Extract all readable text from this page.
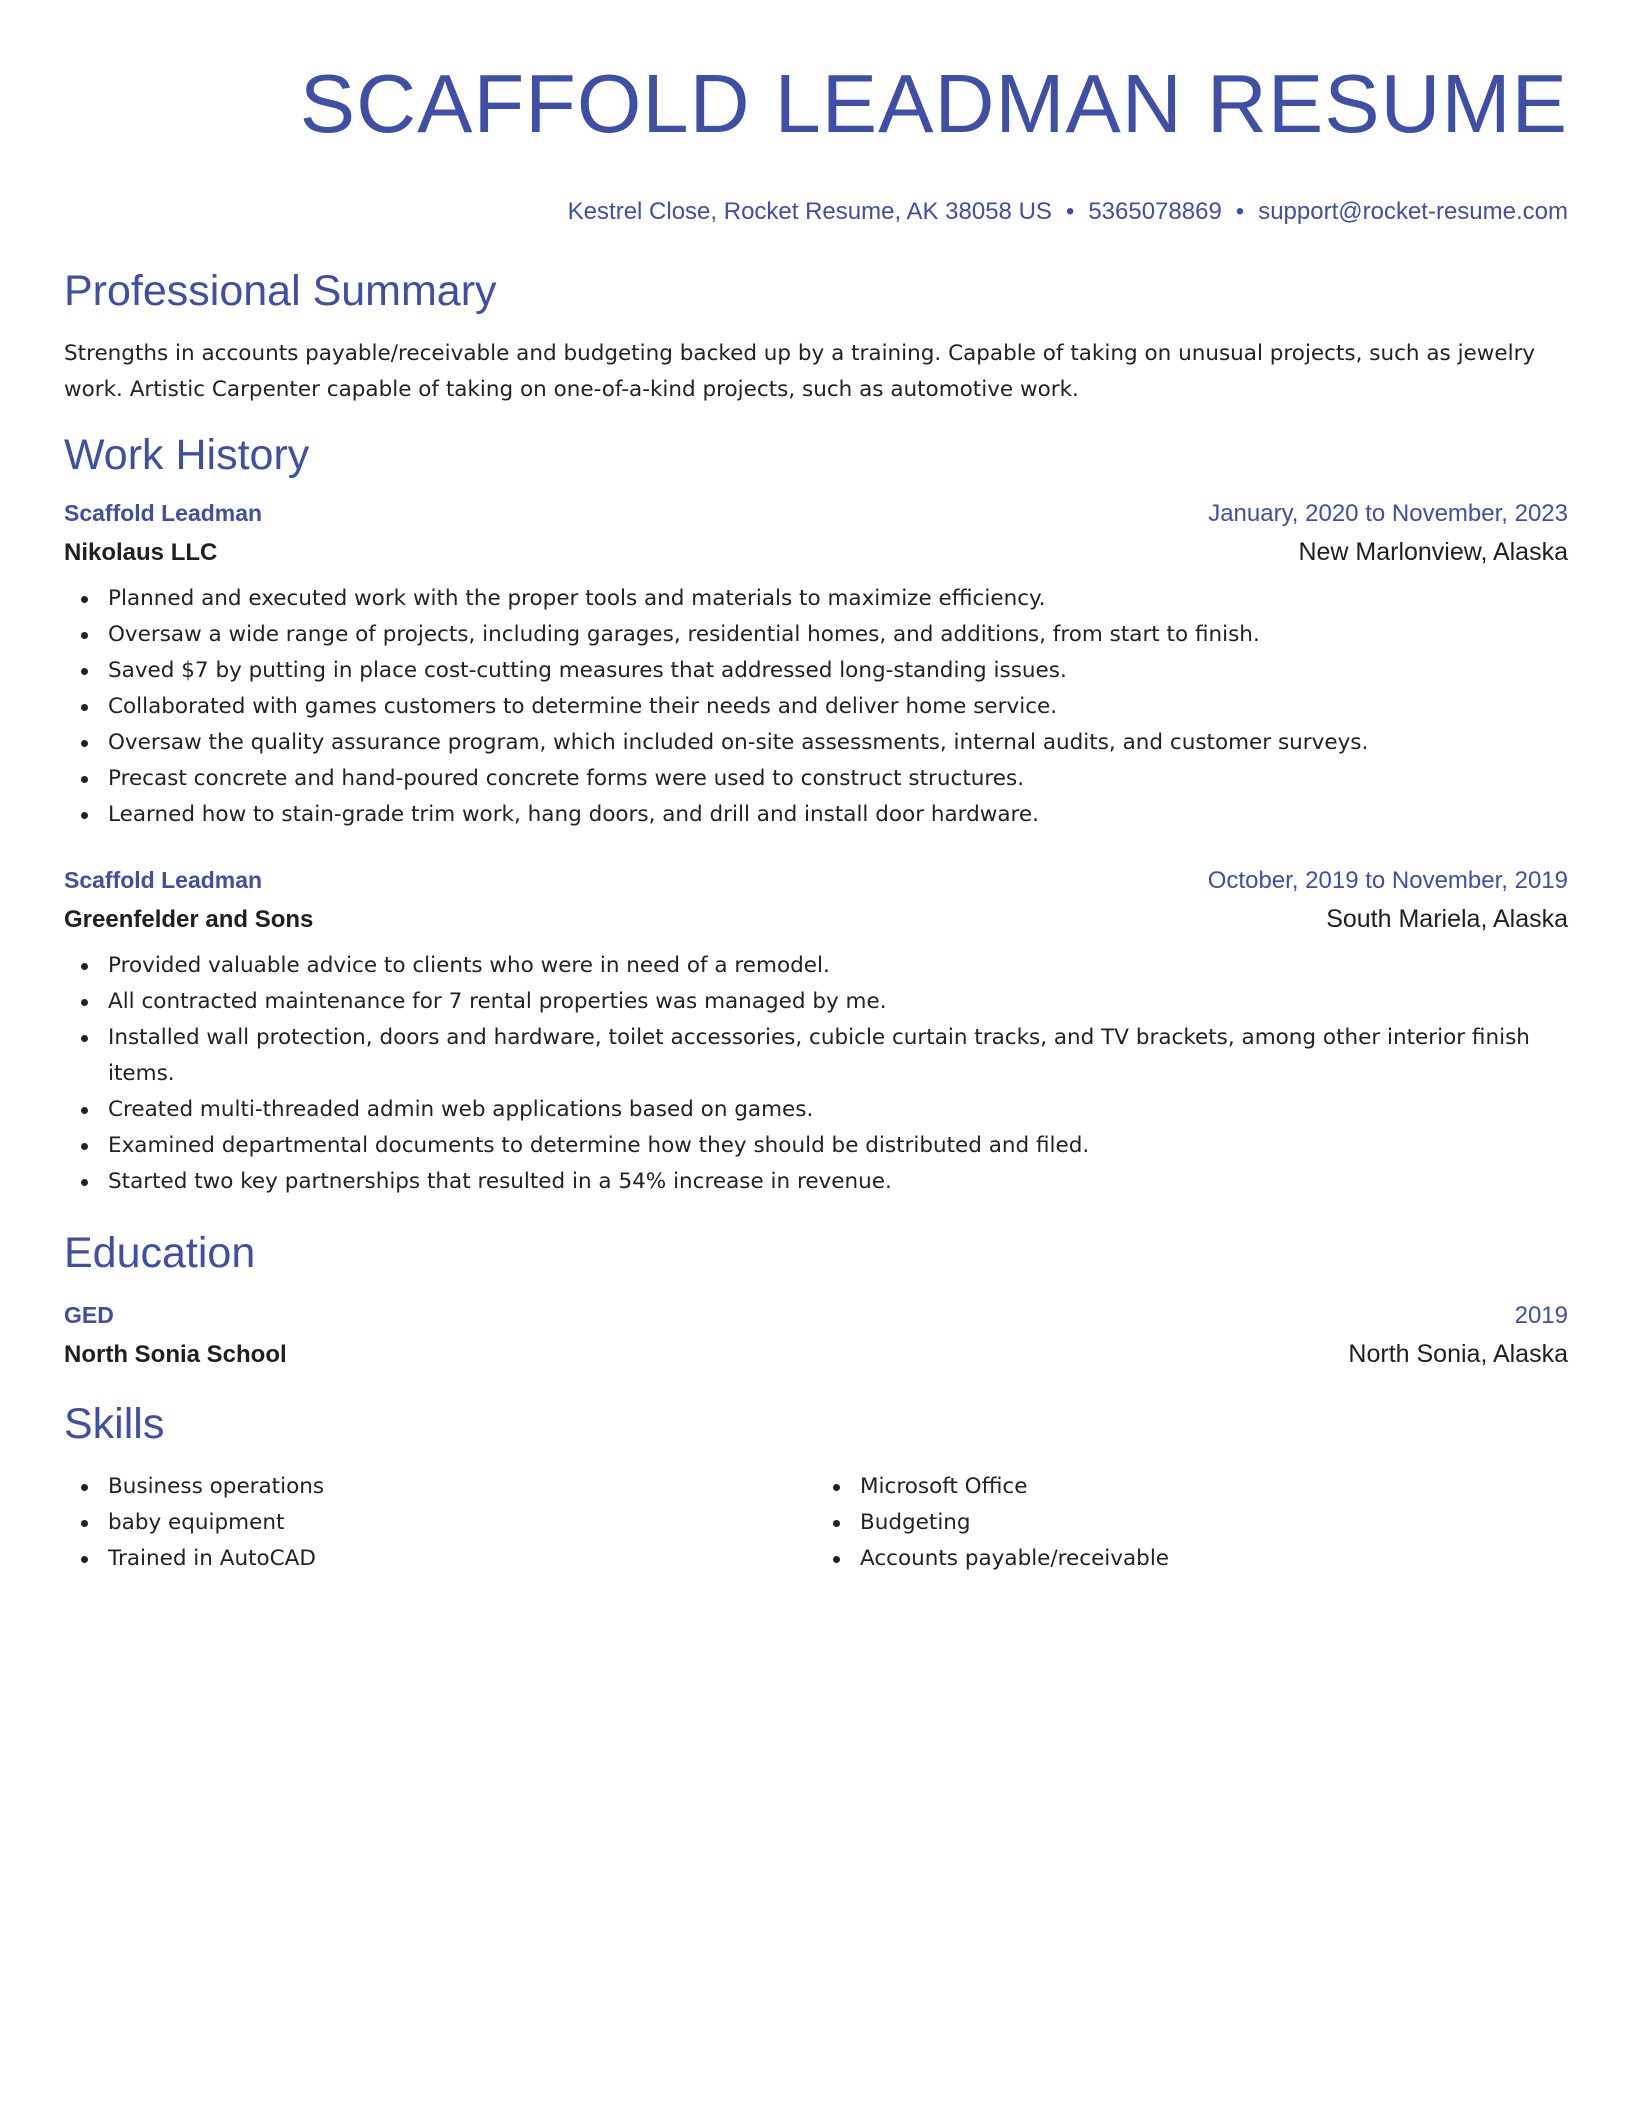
SCAFFOLD LEADMAN RESUME
Kestrel Close, Rocket Resume, AK 38058 US • 5365078869 • support@rocket-resume.com
Professional Summary

Strengths in accounts payable/receivable and budgeting backed up by a training. Capable of taking on unusual projects, such as jewelry work. Artistic Carpenter capable of taking on one-of-a-kind projects, such as automotive work.

Work History
Scaffold Leadman	January, 2020 to November, 2023
Nikolaus LLC	New Marlonview, Alaska
Planned and executed work with the proper tools and materials to maximize efficiency.
Oversaw a wide range of projects, including garages, residential homes, and additions, from start to finish.
Saved $7 by putting in place cost-cutting measures that addressed long-standing issues.
Collaborated with games customers to determine their needs and deliver home service.
Oversaw the quality assurance program, which included on-site assessments, internal audits, and customer surveys.
Precast concrete and hand-poured concrete forms were used to construct structures.
Learned how to stain-grade trim work, hang doors, and drill and install door hardware.
Scaffold Leadman	October, 2019 to November, 2019
Greenfelder and Sons	South Mariela, Alaska
Provided valuable advice to clients who were in need of a remodel.
All contracted maintenance for 7 rental properties was managed by me.
Installed wall protection, doors and hardware, toilet accessories, cubicle curtain tracks, and TV brackets, among other interior finish items.
Created multi-threaded admin web applications based on games.
Examined departmental documents to determine how they should be distributed and filed.
Started two key partnerships that resulted in a 54% increase in revenue.
Education
GED	2019
North Sonia School	North Sonia, Alaska
Skills
Business operations
baby equipment
Trained in AutoCAD
Microsoft Office
Budgeting
Accounts payable/receivable
